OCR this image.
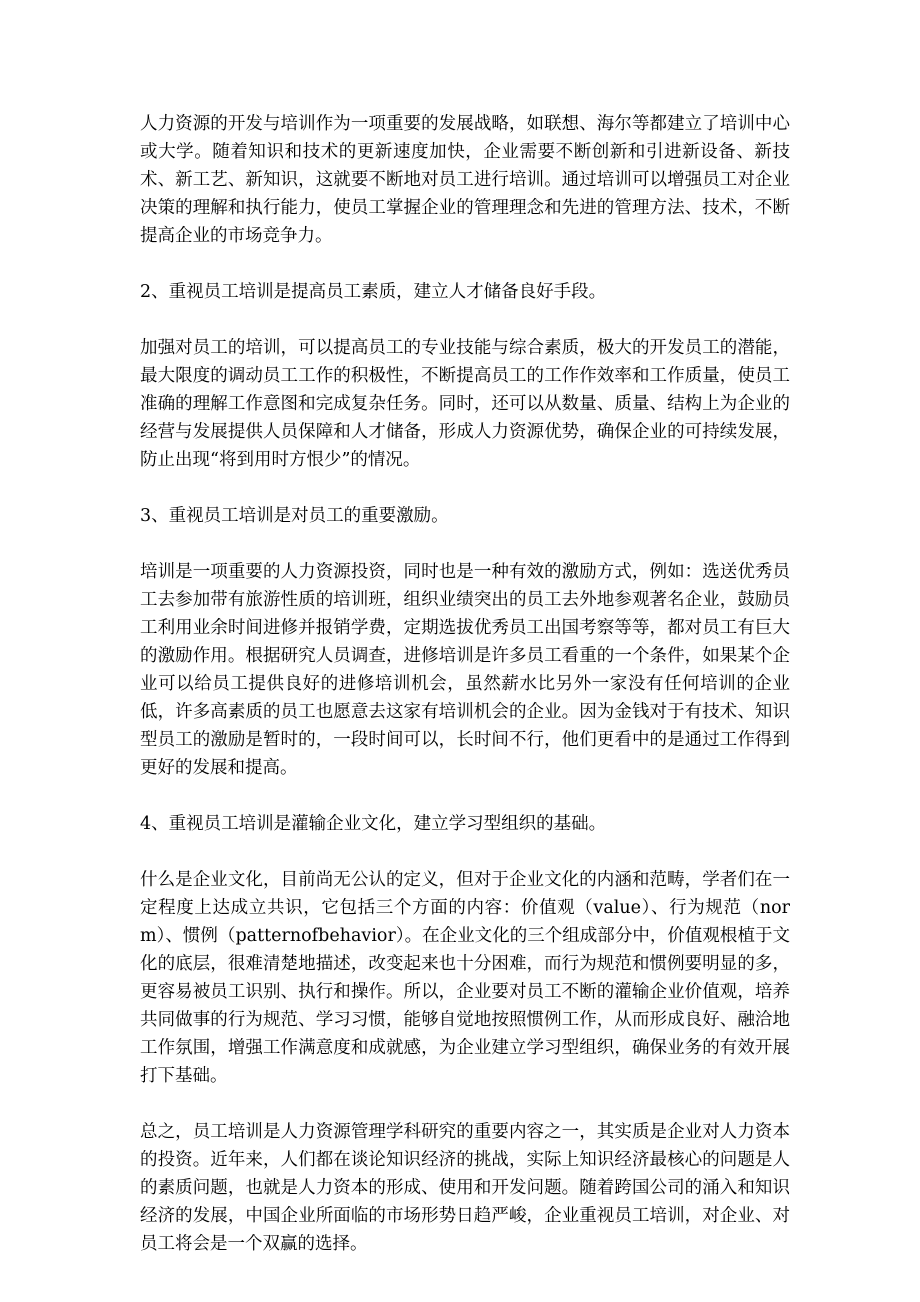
人力资源的开发与培训作为一项重要的发展战略，如联想、海尔等都建立了培训中心或大学。随着知识和技术的更新速度加快，企业需要不断创新和引进新设备、新技术、新工艺、新知识，这就要不断地对员工进行培训。通过培训可以增强员工对企业决策的理解和执行能力，使员工掌握企业的管理理念和先进的管理方法、技术，不断提高企业的市场竞争力。

2、重视员工培训是提高员工素质，建立人才储备良好手段。

加强对员工的培训，可以提高员工的专业技能与综合素质，极大的开发员工的潜能，最大限度的调动员工工作的积极性，不断提高员工的工作作效率和工作质量，使员工准确的理解工作意图和完成复杂任务。同时，还可以从数量、质量、结构上为企业的经营与发展提供人员保障和人才储备，形成人力资源优势，确保企业的可持续发展，防止出现“将到用时方恨少”的情况。

3、重视员工培训是对员工的重要激励。

培训是一项重要的人力资源投资，同时也是一种有效的激励方式，例如：选送优秀员工去参加带有旅游性质的培训班，组织业绩突出的员工去外地参观著名企业，鼓励员工利用业余时间进修并报销学费，定期选拔优秀员工出国考察等等，都对员工有巨大的激励作用。根据研究人员调查，进修培训是许多员工看重的一个条件，如果某个企业可以给员工提供良好的进修培训机会，虽然薪水比另外一家没有任何培训的企业低，许多高素质的员工也愿意去这家有培训机会的企业。因为金钱对于有技术、知识型员工的激励是暂时的，一段时间可以，长时间不行，他们更看中的是通过工作得到更好的发展和提高。

4、重视员工培训是灌输企业文化，建立学习型组织的基础。

什么是企业文化，目前尚无公认的定义，但对于企业文化的内涵和范畴，学者们在一定程度上达成立共识，它包括三个方面的内容：价值观（value）、行为规范（norm）、惯例（patternofbehavior）。在企业文化的三个组成部分中，价值观根植于文化的底层，很难清楚地描述，改变起来也十分困难，而行为规范和惯例要明显的多，更容易被员工识别、执行和操作。所以，企业要对员工不断的灌输企业价值观，培养共同做事的行为规范、学习习惯，能够自觉地按照惯例工作，从而形成良好、融洽地工作氛围，增强工作满意度和成就感，为企业建立学习型组织，确保业务的有效开展打下基础。

总之，员工培训是人力资源管理学科研究的重要内容之一，其实质是企业对人力资本的投资。近年来，人们都在谈论知识经济的挑战，实际上知识经济最核心的问题是人的素质问题，也就是人力资本的形成、使用和开发问题。随着跨国公司的涌入和知识经济的发展，中国企业所面临的市场形势日趋严峻，企业重视员工培训，对企业、对员工将会是一个双赢的选择。
